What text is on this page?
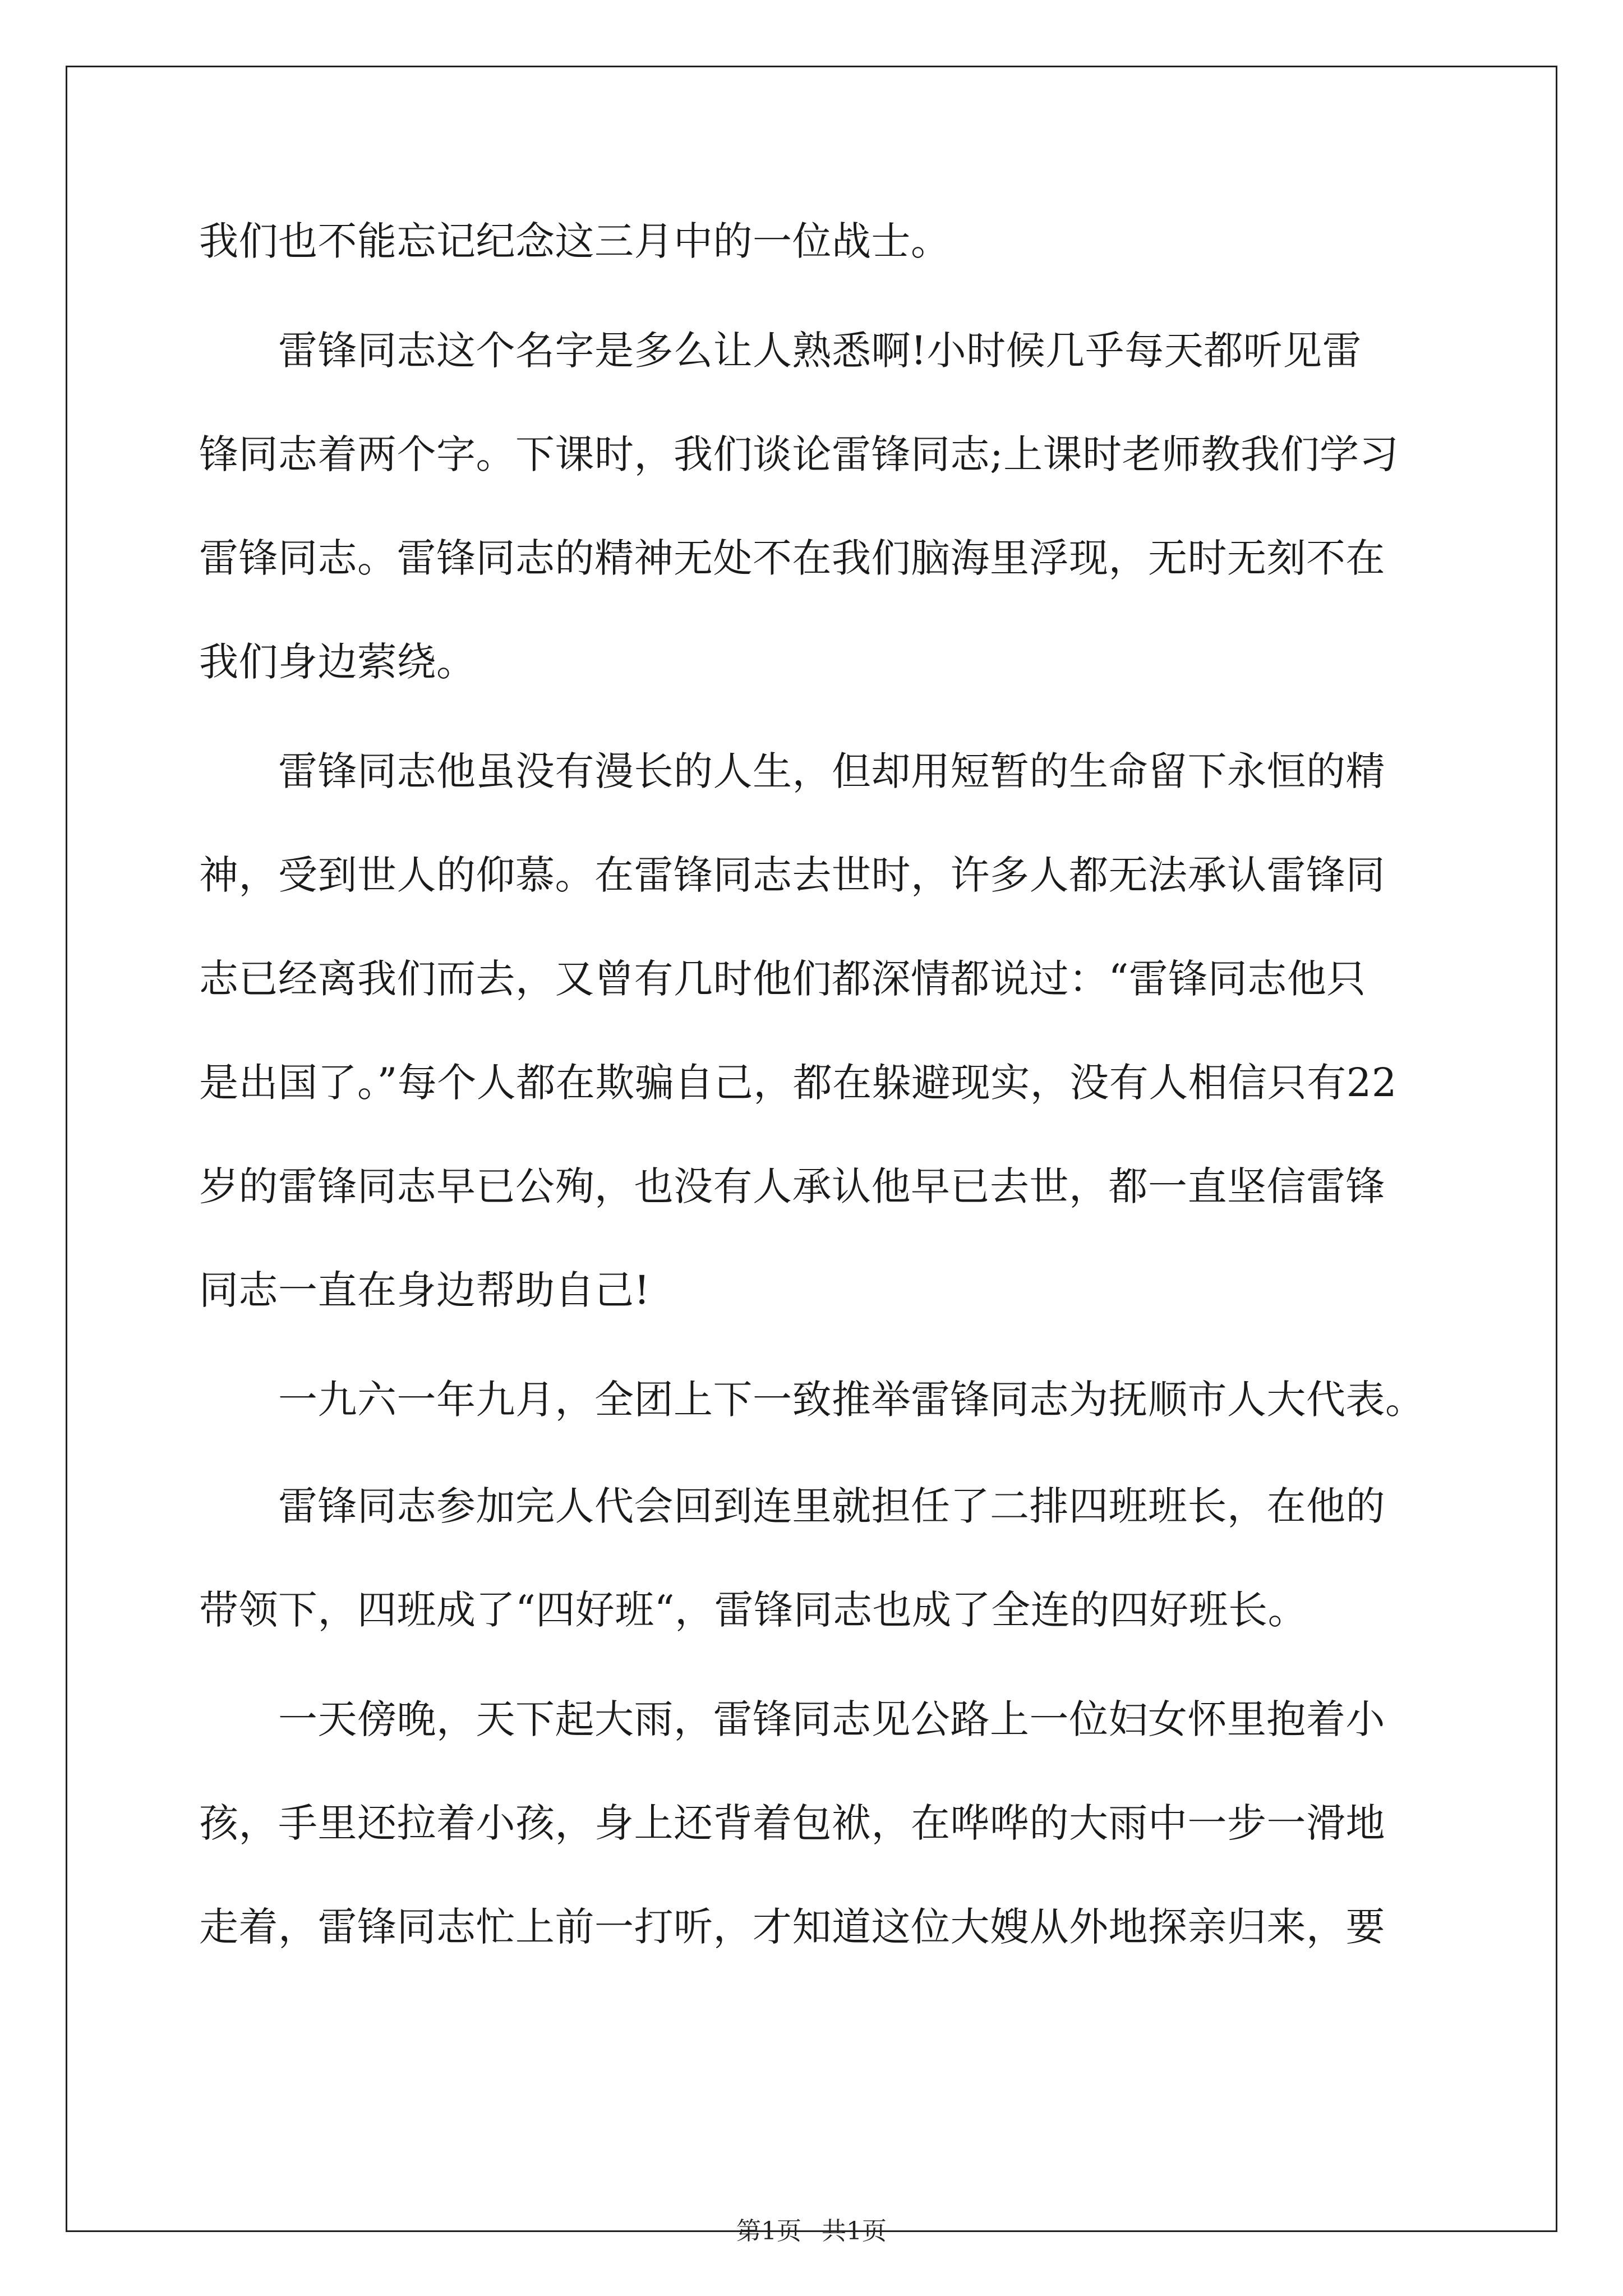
我们也不能忘记纪念这三月中的一位战士。
　　雷锋同志这个名字是多么让人熟悉啊!小时候几乎每天都听见雷
锋同志着两个字。下课时，我们谈论雷锋同志;上课时老师教我们学习
雷锋同志。雷锋同志的精神无处不在我们脑海里浮现，无时无刻不在
我们身边萦绕。
　　雷锋同志他虽没有漫长的人生，但却用短暂的生命留下永恒的精
神，受到世人的仰慕。在雷锋同志去世时，许多人都无法承认雷锋同
志已经离我们而去，又曾有几时他们都深情都说过：“雷锋同志他只
是出国了。”每个人都在欺骗自己，都在躲避现实，没有人相信只有22
岁的雷锋同志早已公殉，也没有人承认他早已去世，都一直坚信雷锋
同志一直在身边帮助自己!
　　一九六一年九月，全团上下一致推举雷锋同志为抚顺市人大代表。
　　雷锋同志参加完人代会回到连里就担任了二排四班班长，在他的
带领下，四班成了“四好班“，雷锋同志也成了全连的四好班长。
　　一天傍晚，天下起大雨，雷锋同志见公路上一位妇女怀里抱着小
孩，手里还拉着小孩，身上还背着包袱，在哗哗的大雨中一步一滑地
走着，雷锋同志忙上前一打听，才知道这位大嫂从外地探亲归来，要
第1页 共1页
